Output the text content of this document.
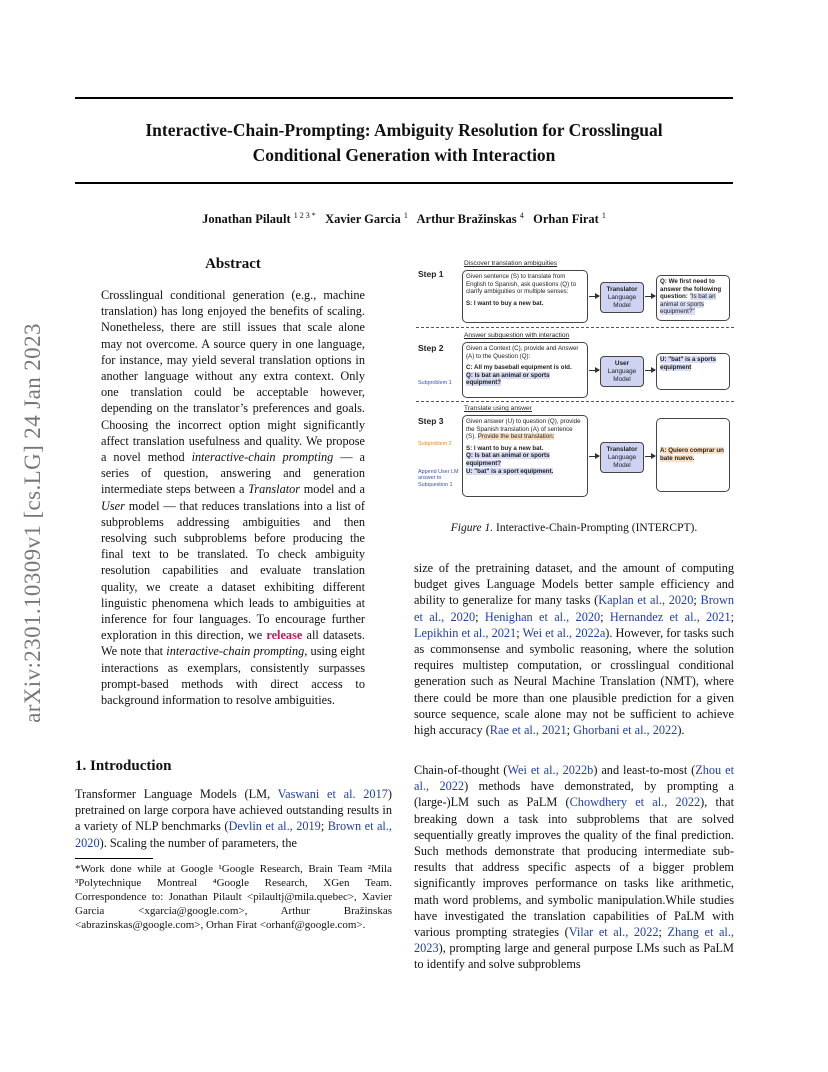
arXiv:2301.10309v1 [cs.LG] 24 Jan 2023
Interactive-Chain-Prompting: Ambiguity Resolution for Crosslingual
Conditional Generation with Interaction
Jonathan Pilault $^{1 2 3 *}$ Xavier Garcia $^1$ Arthur Bražinskas $^4$ Orhan Firat $^1$
Abstract
Crosslingual conditional generation (e.g., machine translation) has long enjoyed the benefits of scaling. Nonetheless, there are still issues that scale alone may not overcome. A source query in one language, for instance, may yield several translation options in another language without any extra context. Only one translation could be acceptable however, depending on the translator’s preferences and goals. Choosing the incorrect option might significantly affect translation usefulness and quality. We propose a novel method interactive-chain prompting — a series of question, answering and generation intermediate steps between a Translator model and a User model — that reduces translations into a list of subproblems addressing ambiguities and then resolving such subproblems before producing the final text to be translated. To check ambiguity resolution capabilities and evaluate translation quality, we create a dataset exhibiting different linguistic phenomena which leads to ambiguities at inference for four languages. To encourage further exploration in this direction, we release all datasets. We note that interactive-chain prompting, using eight interactions as exemplars, consistently surpasses prompt-based methods with direct access to background information to resolve ambiguities.
1. Introduction
Transformer Language Models (LM, Vaswani et al. 2017) pretrained on large corpora have achieved outstanding results in a variety of NLP benchmarks (Devlin et al., 2019; Brown et al., 2020). Scaling the number of parameters, the
*Work done while at Google ¹Google Research, Brain Team ²Mila ³Polytechnique Montreal ⁴Google Research, XGen Team. Correspondence to: Jonathan Pilault <pilaultj@mila.quebec>, Xavier Garcia <xgarcia@google.com>, Arthur Bražinskas <abrazinskas@google.com>, Orhan Firat <orhanf@google.com>.
Discover translation ambiguities
Step 1	Given sentence (S) to translate from English to Spanish, ask questions (Q) to clarify ambiguities or multiple senses:
S: I want to buy a new bat.
Translator
Language Model
Q: We first need to answer the following question: "Is bat an animal or sports equipment?"
Answer subquestion with interaction
Step 2
Subproblem 1
Given a Context (C), provide and Answer (A) to the Question (Q):
C: All my baseball equipment is old.
Q: Is bat an animal or sports equipment?
User
Language Model
U: "bat" is a sports equipment
Translate using answer
Step 3
Subproblem 2
Append User LM answer to Subquestion 1
Given answer (U) to question (Q), provide the Spanish translation (A) of sentence (S). Provide the best translation:
S: I want to buy a new bat.
Q: Is bat an animal or sports equipment?
U: "bat" is a sport equipment.
Translator
Language Model
A: Quiero comprar un bate nuevo.
Figure 1. Interactive-Chain-Prompting (INTERCPT).
size of the pretraining dataset, and the amount of computing budget gives Language Models better sample efficiency and ability to generalize for many tasks (Kaplan et al., 2020; Brown et al., 2020; Henighan et al., 2020; Hernandez et al., 2021; Lepikhin et al., 2021; Wei et al., 2022a). However, for tasks such as commonsense and symbolic reasoning, where the solution requires multistep computation, or crosslingual conditional generation such as Neural Machine Translation (NMT), where there could be more than one plausible prediction for a given source sequence, scale alone may not be sufficient to achieve high accuracy (Rae et al., 2021; Ghorbani et al., 2022).
Chain-of-thought (Wei et al., 2022b) and least-to-most (Zhou et al., 2022) methods have demonstrated, by prompting a (large-)LM such as PaLM (Chowdhery et al., 2022), that breaking down a task into subproblems that are solved sequentially greatly improves the quality of the final prediction. Such methods demonstrate that producing intermediate sub-results that address specific aspects of a bigger problem significantly improves performance on tasks like arithmetic, math word problems, and symbolic manipulation.While studies have investigated the translation capabilities of PaLM with various prompting strategies (Vilar et al., 2022; Zhang et al., 2023), prompting large and general purpose LMs such as PaLM to identify and solve subproblems
